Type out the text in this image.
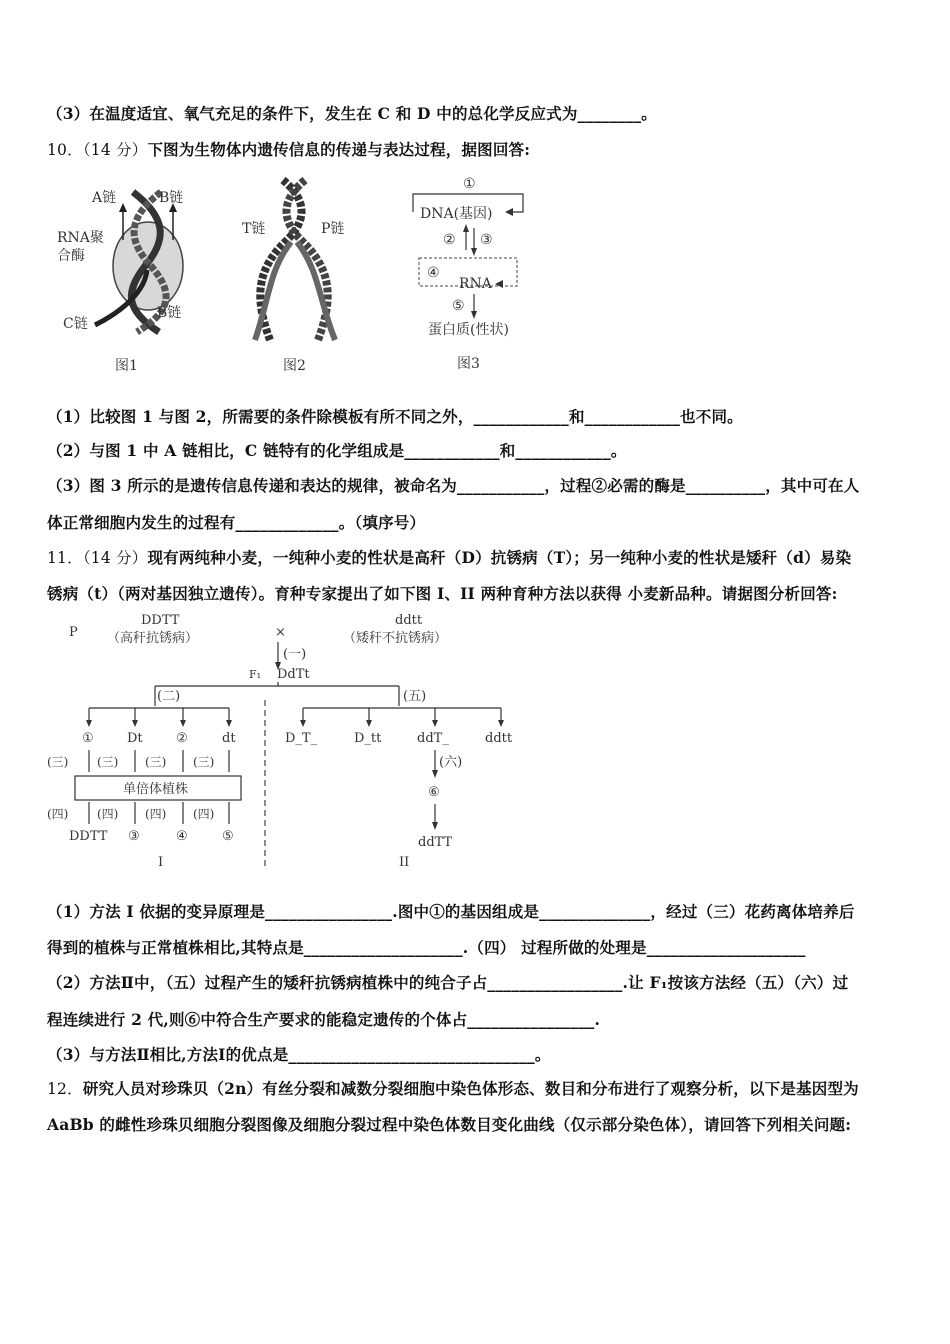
（3）在温度适宜、氧气充足的条件下，发生在 C 和 D 中的总化学反应式为________。
10．（14 分）下图为生物体内遗传信息的传递与表达过程，据图回答:
A链	B链
RNA聚
合酶
C链
B链
图1
T链	P链
图2
①
DNA(基因)
② ③
④
RNA
⑤
蛋白质(性状)
图3
（1）比较图 1 与图 2，所需要的条件除模板有所不同之外，____________和____________也不同。
（2）与图 1 中 A 链相比，C 链特有的化学组成是____________和____________。
（3）图 3 所示的是遗传信息传递和表达的规律，被命名为___________，过程②必需的酶是__________，其中可在人
体正常细胞内发生的过程有_____________。（填序号）
11．（14 分）现有两纯种小麦，一纯种小麦的性状是高秆（D）抗锈病（T）；另一纯种小麦的性状是矮秆（d）易染
锈病（t）（两对基因独立遗传）。育种专家提出了如下图 I、II 两种育种方法以获得 小麦新品种。请据图分析回答:
P
DDTT
（高秆抗锈病）	×
ddtt
（矮秆不抗锈病）
(一)
F₁ DdTt
(二)	(五)
①	Dt	②	dt
(三) (三) (三) (三)
单倍体植株
(四) (四) (四) (四)
DDTT ③	④	⑤
I
D_T_	D_tt	ddT_	ddtt
(六)
⑥
ddTT
II
（1）方法 I 依据的变异原理是________________.图中①的基因组成是______________，经过（三）花药离体培养后
得到的植株与正常植株相比,其特点是____________________.（四） 过程所做的处理是____________________
（2）方法Ⅱ中，（五）过程产生的矮秆抗锈病植株中的纯合子占_________________.让 F₁按该方法经（五）（六）过
程连续进行 2 代,则⑥中符合生产要求的能稳定遗传的个体占________________.
（3）与方法Ⅱ相比,方法Ⅰ的优点是_______________________________。
12．研究人员对珍珠贝（2n）有丝分裂和减数分裂细胞中染色体形态、数目和分布进行了观察分析，以下是基因型为
AaBb 的雌性珍珠贝细胞分裂图像及细胞分裂过程中染色体数目变化曲线（仅示部分染色体），请回答下列相关问题:
